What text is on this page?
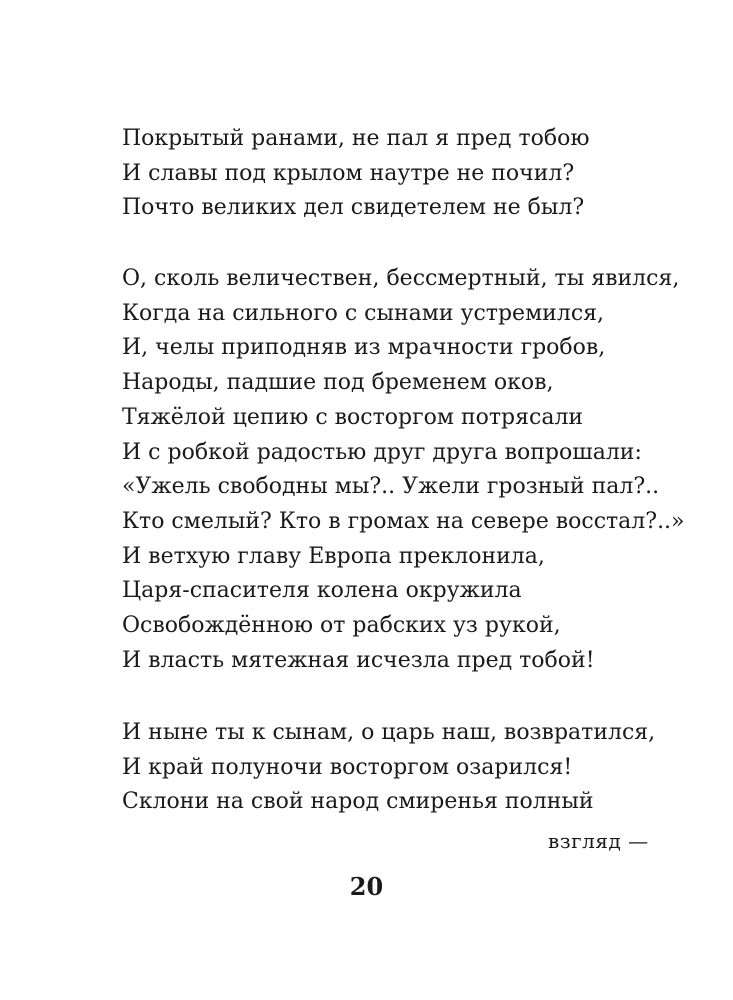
Покрытый ранами, не пал я пред тобою
И славы под крылом наутре не почил?
Почто великих дел свидетелем не был?
О, сколь величествен, бессмертный, ты явился,
Когда на сильного с сынами устремился,
И, челы приподняв из мрачности гробов,
Народы, падшие под бременем оков,
Тяжёлой цепию с восторгом потрясали
И с робкой радостью друг друга вопрошали:
«Ужель свободны мы?.. Ужели грозный пал?..
Кто смелый? Кто в громах на севере восстал?..»
И ветхую главу Европа преклонила,
Царя-спасителя колена окружила
Освобождённою от рабских уз рукой,
И власть мятежная исчезла пред тобой!
И ныне ты к сынам, о царь наш, возвратился,
И край полуночи восторгом озарился!
Склони на свой народ смиренья полный
взгляд —
20
